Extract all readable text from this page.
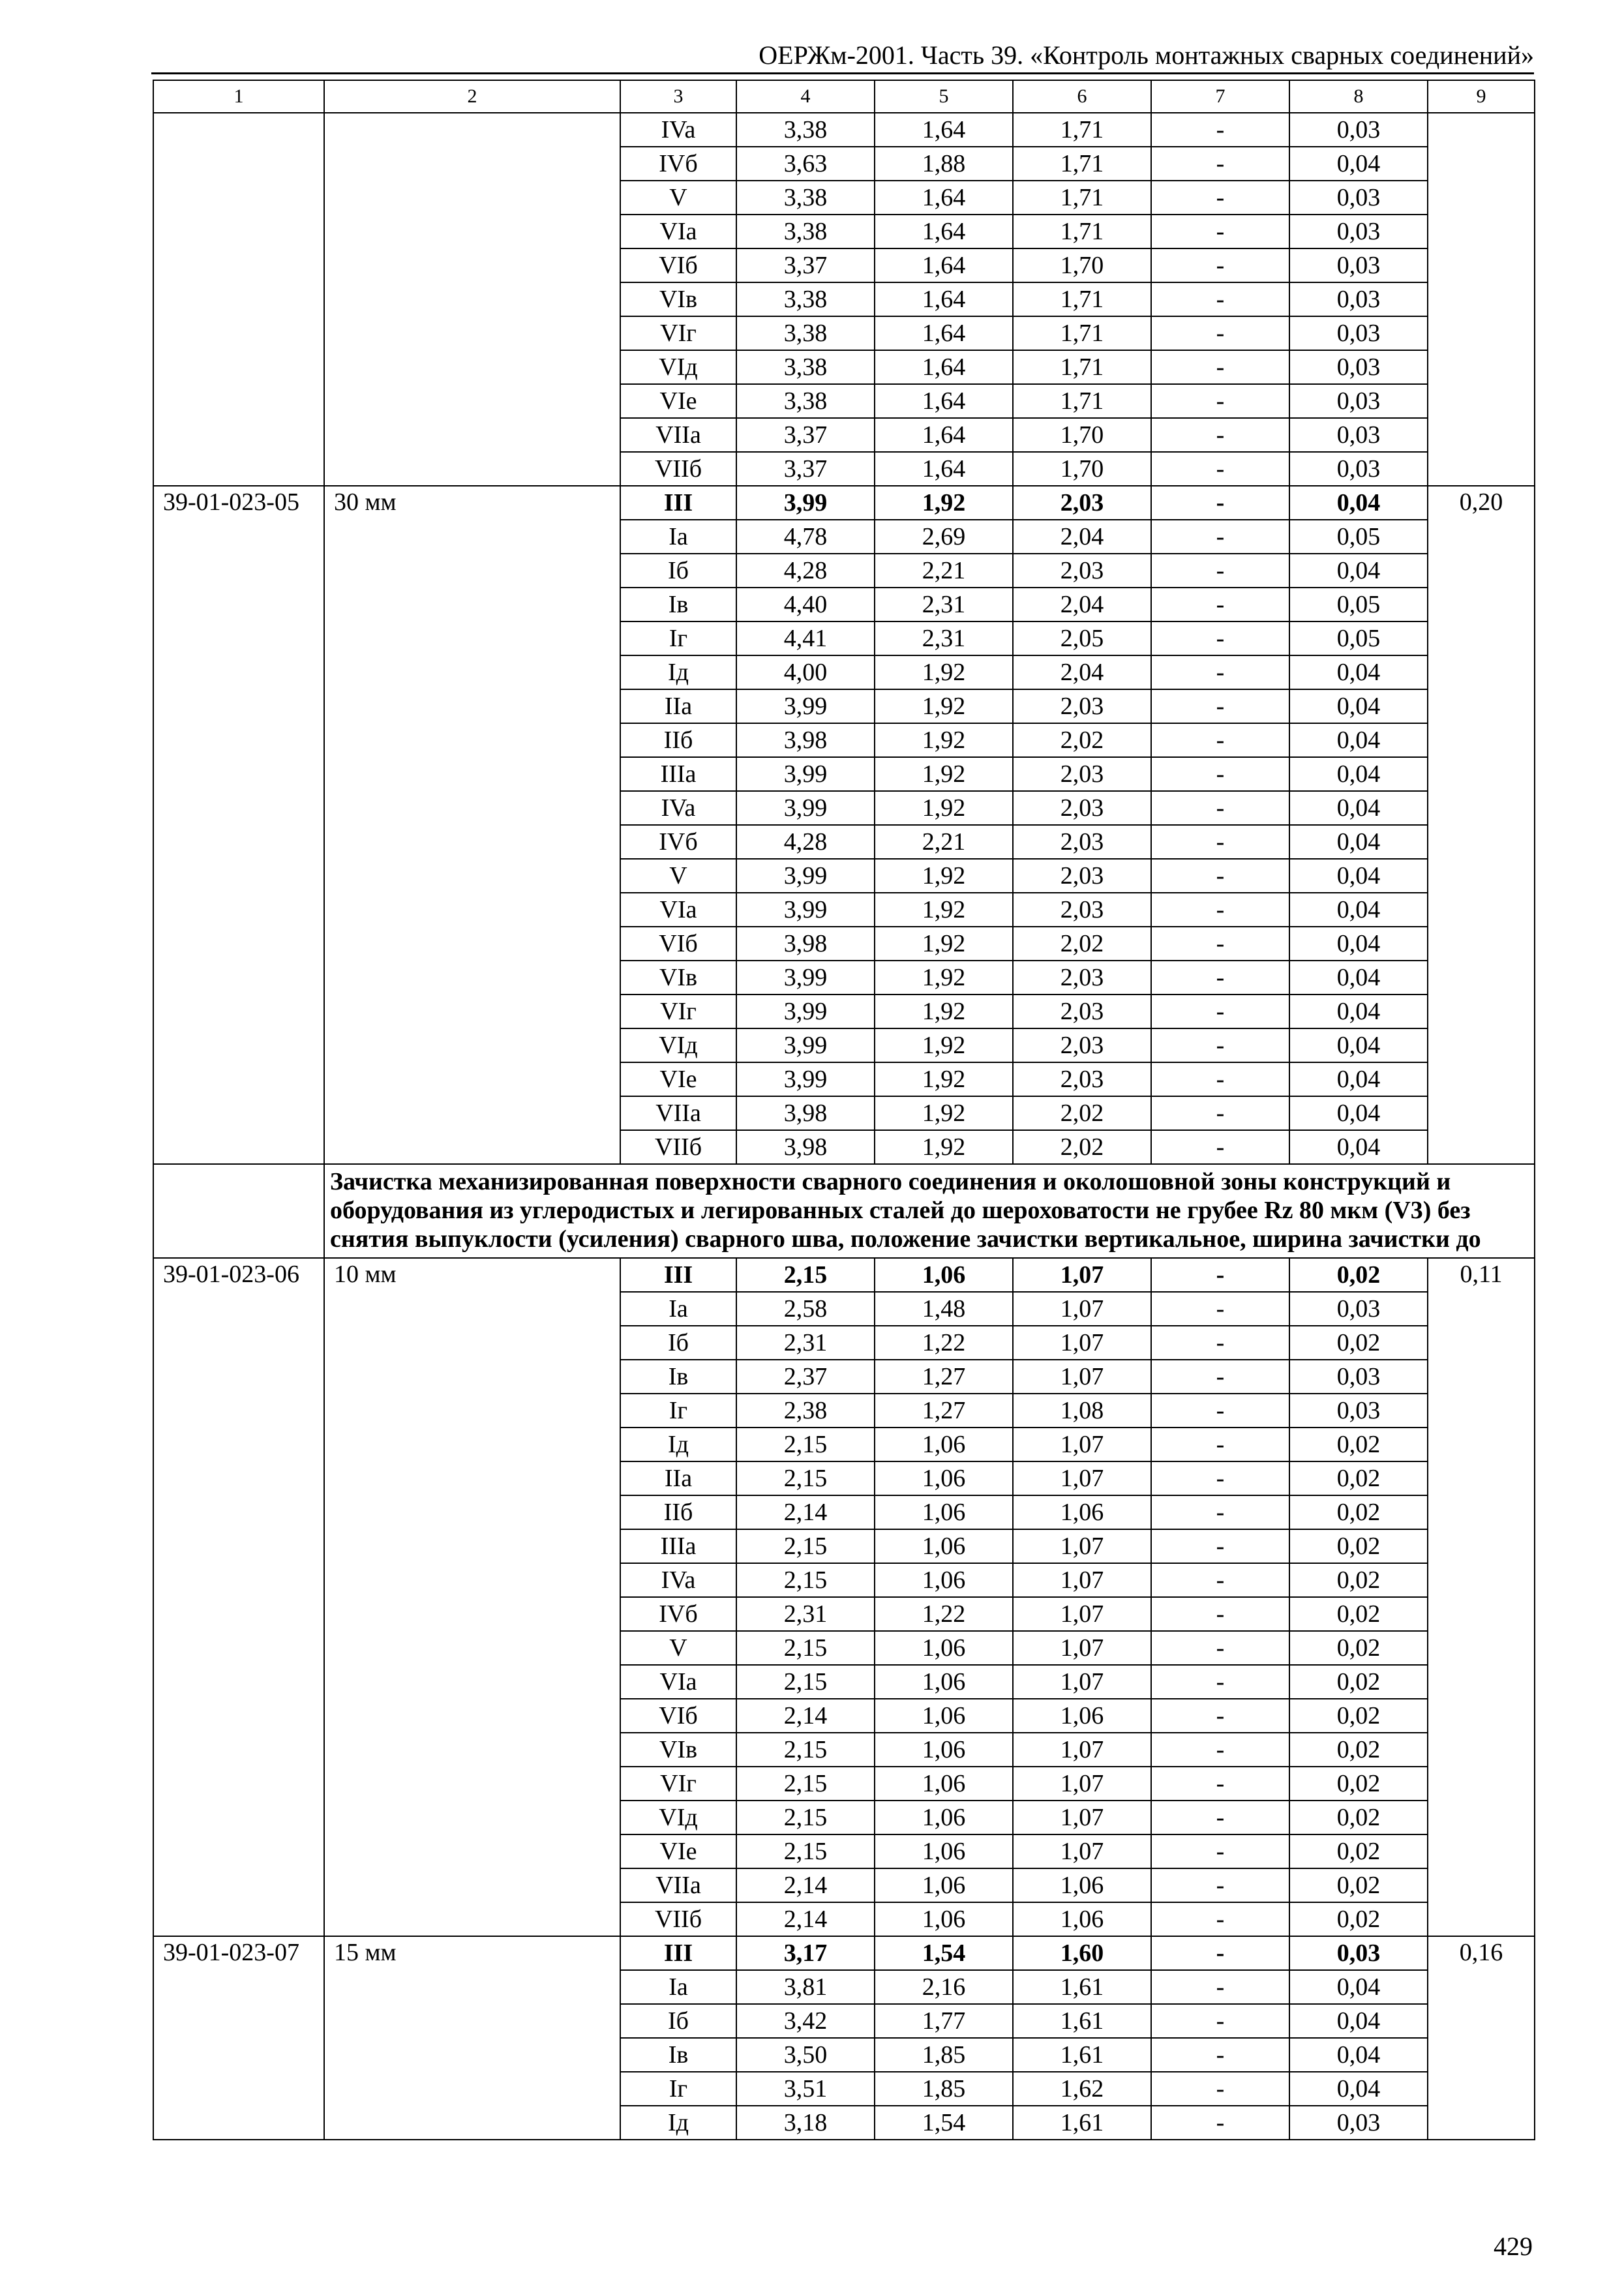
ОЕРЖм-2001. Часть 39. «Контроль монтажных сварных соединений»
1	2	3	4	5	6	7	8	9
		IVa	3,38	1,64	1,71	-	0,03	
		IVб	3,63	1,88	1,71	-	0,04	
		V	3,38	1,64	1,71	-	0,03	
		VIa	3,38	1,64	1,71	-	0,03	
		VIб	3,37	1,64	1,70	-	0,03	
		VIв	3,38	1,64	1,71	-	0,03	
		VIг	3,38	1,64	1,71	-	0,03	
		VIд	3,38	1,64	1,71	-	0,03	
		VIe	3,38	1,64	1,71	-	0,03	
		VIIa	3,37	1,64	1,70	-	0,03	
		VIIб	3,37	1,64	1,70	-	0,03	
39-01-023-05	30 мм	III	3,99	1,92	2,03	-	0,04	0,20
		Ia	4,78	2,69	2,04	-	0,05	
		Iб	4,28	2,21	2,03	-	0,04	
		Iв	4,40	2,31	2,04	-	0,05	
		Iг	4,41	2,31	2,05	-	0,05	
		Iд	4,00	1,92	2,04	-	0,04	
		IIa	3,99	1,92	2,03	-	0,04	
		IIб	3,98	1,92	2,02	-	0,04	
		IIIa	3,99	1,92	2,03	-	0,04	
		IVa	3,99	1,92	2,03	-	0,04	
		IVб	4,28	2,21	2,03	-	0,04	
		V	3,99	1,92	2,03	-	0,04	
		VIa	3,99	1,92	2,03	-	0,04	
		VIб	3,98	1,92	2,02	-	0,04	
		VIв	3,99	1,92	2,03	-	0,04	
		VIг	3,99	1,92	2,03	-	0,04	
		VIд	3,99	1,92	2,03	-	0,04	
		VIe	3,99	1,92	2,03	-	0,04	
		VIIa	3,98	1,92	2,02	-	0,04	
		VIIб	3,98	1,92	2,02	-	0,04	
	Зачистка механизированная поверхности сварного соединения и околошовной зоны конструкций и оборудования из углеродистых и легированных сталей до шероховатости не грубее Rz 80 мкм (V3) без снятия выпуклости (усиления) сварного шва, положение зачистки вертикальное, ширина зачистки до							
39-01-023-06	10 мм	III	2,15	1,06	1,07	-	0,02	0,11
		Ia	2,58	1,48	1,07	-	0,03	
		Iб	2,31	1,22	1,07	-	0,02	
		Iв	2,37	1,27	1,07	-	0,03	
		Iг	2,38	1,27	1,08	-	0,03	
		Iд	2,15	1,06	1,07	-	0,02	
		IIa	2,15	1,06	1,07	-	0,02	
		IIб	2,14	1,06	1,06	-	0,02	
		IIIa	2,15	1,06	1,07	-	0,02	
		IVa	2,15	1,06	1,07	-	0,02	
		IVб	2,31	1,22	1,07	-	0,02	
		V	2,15	1,06	1,07	-	0,02	
		VIa	2,15	1,06	1,07	-	0,02	
		VIб	2,14	1,06	1,06	-	0,02	
		VIв	2,15	1,06	1,07	-	0,02	
		VIг	2,15	1,06	1,07	-	0,02	
		VIд	2,15	1,06	1,07	-	0,02	
		VIe	2,15	1,06	1,07	-	0,02	
		VIIa	2,14	1,06	1,06	-	0,02	
		VIIб	2,14	1,06	1,06	-	0,02	
39-01-023-07	15 мм	III	3,17	1,54	1,60	-	0,03	0,16
		Ia	3,81	2,16	1,61	-	0,04	
		Iб	3,42	1,77	1,61	-	0,04	
		Iв	3,50	1,85	1,61	-	0,04	
		Iг	3,51	1,85	1,62	-	0,04	
		Iд	3,18	1,54	1,61	-	0,03	
429
